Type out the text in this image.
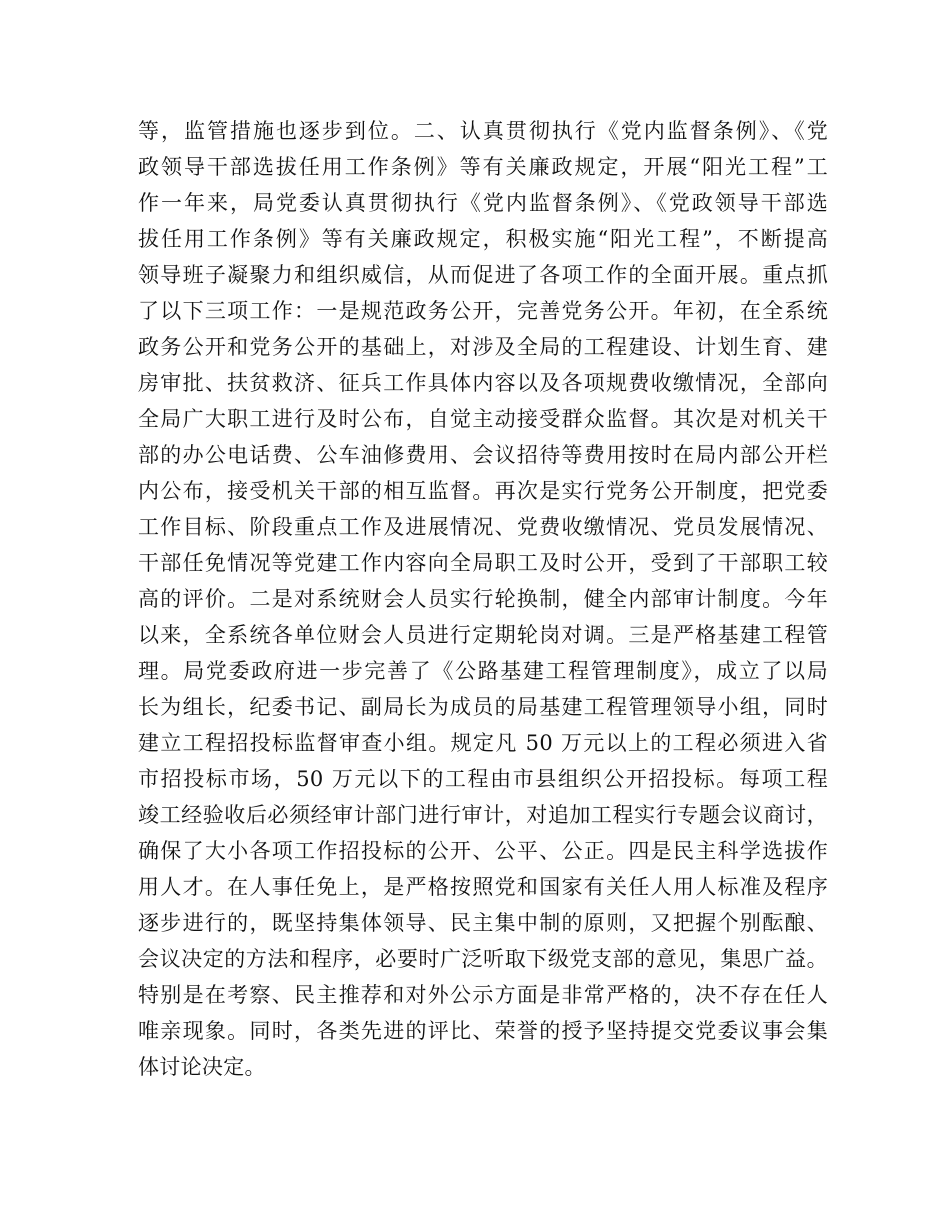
等，监管措施也逐步到位。二、认真贯彻执行《党内监督条例》、《党
政领导干部选拔任用工作条例》等有关廉政规定，开展“阳光工程”工
作一年来，局党委认真贯彻执行《党内监督条例》、《党政领导干部选
拔任用工作条例》等有关廉政规定，积极实施“阳光工程”，不断提高
领导班子凝聚力和组织威信，从而促进了各项工作的全面开展。重点抓
了以下三项工作：一是规范政务公开，完善党务公开。年初，在全系统
政务公开和党务公开的基础上，对涉及全局的工程建设、计划生育、建
房审批、扶贫救济、征兵工作具体内容以及各项规费收缴情况，全部向
全局广大职工进行及时公布，自觉主动接受群众监督。其次是对机关干
部的办公电话费、公车油修费用、会议招待等费用按时在局内部公开栏
内公布，接受机关干部的相互监督。再次是实行党务公开制度，把党委
工作目标、阶段重点工作及进展情况、党费收缴情况、党员发展情况、
干部任免情况等党建工作内容向全局职工及时公开，受到了干部职工较
高的评价。二是对系统财会人员实行轮换制，健全内部审计制度。今年
以来，全系统各单位财会人员进行定期轮岗对调。三是严格基建工程管
理。局党委政府进一步完善了《公路基建工程管理制度》，成立了以局
长为组长，纪委书记、副局长为成员的局基建工程管理领导小组，同时
建立工程招投标监督审查小组。规定凡 50 万元以上的工程必须进入省
市招投标市场，50 万元以下的工程由市县组织公开招投标。每项工程
竣工经验收后必须经审计部门进行审计，对追加工程实行专题会议商讨，
确保了大小各项工作招投标的公开、公平、公正。四是民主科学选拔作
用人才。在人事任免上，是严格按照党和国家有关任人用人标准及程序
逐步进行的，既坚持集体领导、民主集中制的原则，又把握个别酝酿、
会议决定的方法和程序，必要时广泛听取下级党支部的意见，集思广益。
特别是在考察、民主推荐和对外公示方面是非常严格的，决不存在任人
唯亲现象。同时，各类先进的评比、荣誉的授予坚持提交党委议事会集
体讨论决定。
